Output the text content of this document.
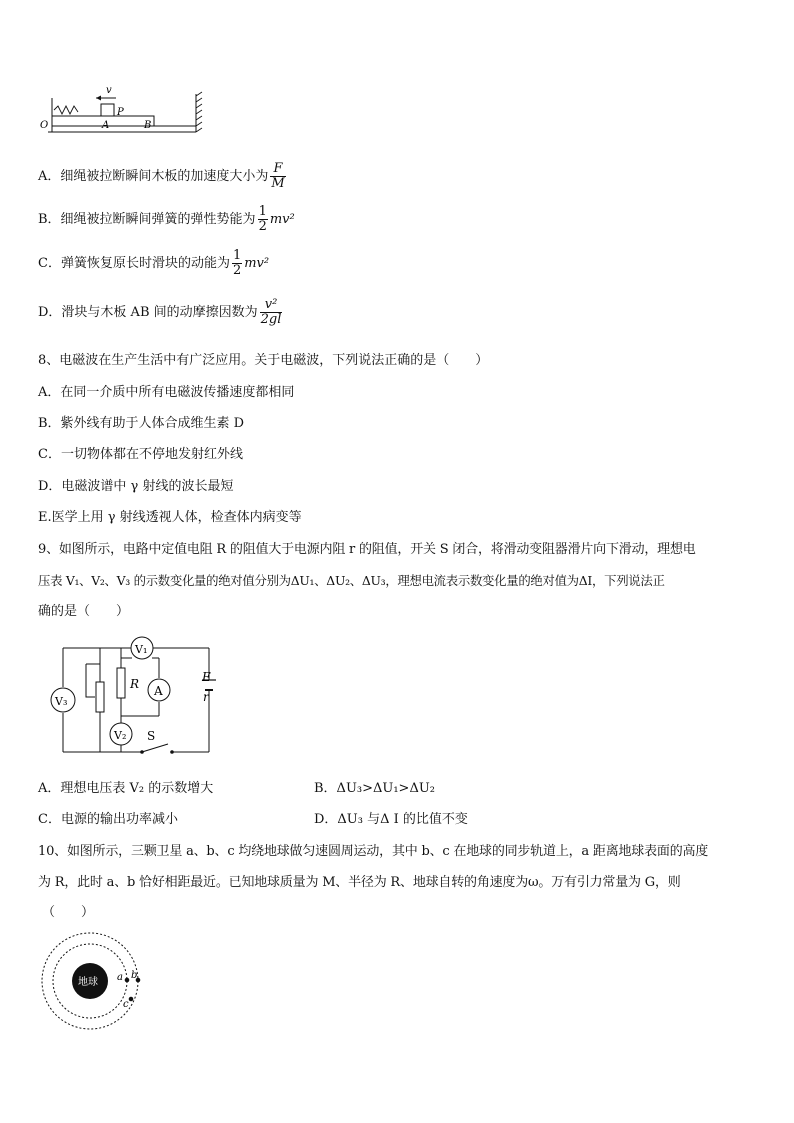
v
P
O	A	B
A．细绳被拉断瞬间木板的加速度大小为 $\frac{F}{M}$
B．细绳被拉断瞬间弹簧的弹性势能为 $\frac{1}{2} mv^2$
C．弹簧恢复原长时滑块的动能为 $\frac{1}{2} mv^2$
D．滑块与木板 AB 间的动摩擦因数为 $\frac{\text{v²}}{2gl}$
8、电磁波在生产生活中有广泛应用。关于电磁波，下列说法正确的是（　　）
A．在同一介质中所有电磁波传播速度都相同
B．紫外线有助于人体合成维生素 D
C．一切物体都在不停地发射红外线
D．电磁波谱中 γ 射线的波长最短
E.医学上用 γ 射线透视人体，检查体内病变等
9、如图所示，电路中定值电阻 R 的阻值大于电源内阻 r 的阻值，开关 S 闭合，将滑动变阻器滑片向下滑动，理想电
压表 V₁、V₂、V₃ 的示数变化量的绝对值分别为ΔU₁、ΔU₂、ΔU₃，理想电流表示数变化量的绝对值为ΔI，下列说法正
确的是（　　）
V₁
A
V₂
V₃
R	E
r
S
A．理想电压表 V₂ 的示数增大	B．ΔU₃>ΔU₁>ΔU₂
C．电源的输出功率减小	D．ΔU₃ 与Δ I 的比值不变
10、如图所示，三颗卫星 a、b、c 均绕地球做匀速圆周运动，其中 b、c 在地球的同步轨道上，a 距离地球表面的高度
为 R，此时 a、b 恰好相距最近。已知地球质量为 M、半径为 R、地球自转的角速度为ω。万有引力常量为 G，则
（　　）
地球 a b
c
